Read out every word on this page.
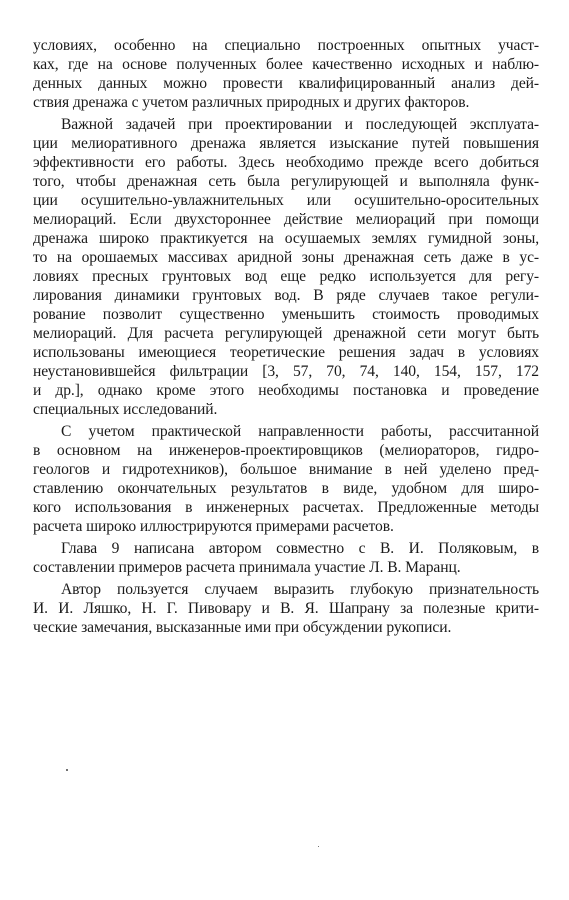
условиях, особенно на специально построенных опытных участ-
ках, где на основе полученных более качественно исходных и наблю-
денных данных можно провести квалифицированный анализ дей-
ствия дренажа с учетом различных природных и других факторов.
Важной задачей при проектировании и последующей эксплуата-
ции мелиоративного дренажа является изыскание путей повышения
эффективности его работы. Здесь необходимо прежде всего добиться
того, чтобы дренажная сеть была регулирующей и выполняла функ-
ции осушительно-увлажнительных или осушительно-оросительных
мелиораций. Если двухстороннее действие мелиораций при помощи
дренажа широко практикуется на осушаемых землях гумидной зоны,
то на орошаемых массивах аридной зоны дренажная сеть даже в ус-
ловиях пресных грунтовых вод еще редко используется для регу-
лирования динамики грунтовых вод. В ряде случаев такое регули-
рование позволит существенно уменьшить стоимость проводимых
мелиораций. Для расчета регулирующей дренажной сети могут быть
использованы имеющиеся теоретические решения задач в условиях
неустановившейся фильтрации [3, 57, 70, 74, 140, 154, 157, 172
и др.], однако кроме этого необходимы постановка и проведение
специальных исследований.
С учетом практической направленности работы, рассчитанной
в основном на инженеров-проектировщиков (мелиораторов, гидро-
геологов и гидротехников), большое внимание в ней уделено пред-
ставлению окончательных результатов в виде, удобном для широ-
кого использования в инженерных расчетах. Предложенные методы
расчета широко иллюстрируются примерами расчетов.
Глава 9 написана автором совместно с В. И. Поляковым, в
составлении примеров расчета принимала участие Л. В. Маранц.
Автор пользуется случаем выразить глубокую признательность
И. И. Ляшко, Н. Г. Пивовару и В. Я. Шапрану за полезные крити-
ческие замечания, высказанные ими при обсуждении рукописи.
